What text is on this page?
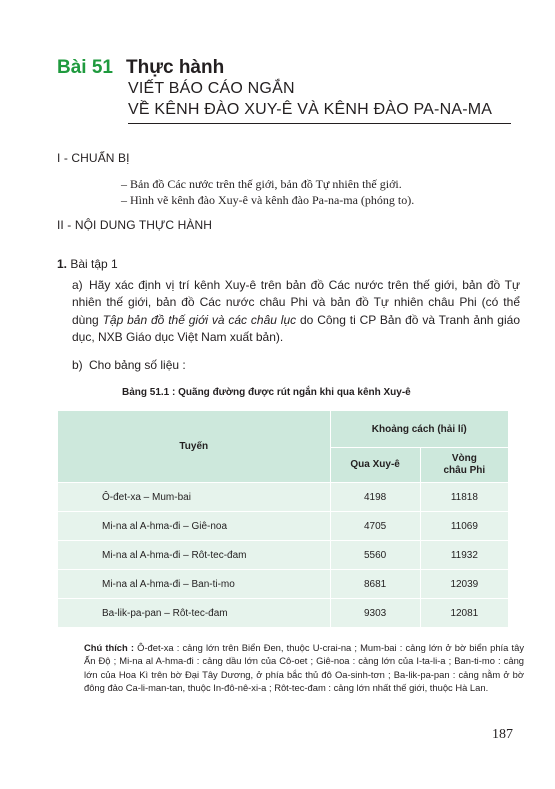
Bài 51 Thực hành
VIẾT BÁO CÁO NGẮN
VỀ KÊNH ĐÀO XUY-Ê VÀ KÊNH ĐÀO PA-NA-MA
I - CHUẨN BỊ
– Bản đồ Các nước trên thế giới, bản đồ Tự nhiên thế giới.
– Hình vẽ kênh đào Xuy-ê và kênh đào Pa-na-ma (phóng to).
II - NỘI DUNG THỰC HÀNH
1. Bài tập 1
a) Hãy xác định vị trí kênh Xuy-ê trên bản đồ Các nước trên thế giới, bản đồ Tự nhiên thế giới, bản đồ Các nước châu Phi và bản đồ Tự nhiên châu Phi (có thể dùng Tập bản đồ thế giới và các châu lục do Công ti CP Bản đồ và Tranh ảnh giáo dục, NXB Giáo dục Việt Nam xuất bản).
b) Cho bảng số liệu :
Bảng 51.1 : Quãng đường được rút ngắn khi qua kênh Xuy-ê
Tuyến	Khoảng cách (hải lí)	
	Qua Xuy-ê	Vòng
châu Phi
Ô-đet-xa – Mum-bai	4198	11818
Mi-na al A-hma-đi – Giê-noa	4705	11069
Mi-na al A-hma-đi – Rôt-tec-đam	5560	11932
Mi-na al A-hma-đi – Ban-ti-mo	8681	12039
Ba-lik-pa-pan – Rôt-tec-đam	9303	12081
Chú thích : Ô-đet-xa : cảng lớn trên Biển Đen, thuộc U-crai-na ; Mum-bai : cảng lớn ở bờ biển phía tây Ấn Độ ; Mi-na al A-hma-đi : cảng dầu lớn của Cô-oet ; Giê-noa : cảng lớn của I-ta-li-a ; Ban-ti-mo : cảng lớn của Hoa Kì trên bờ Đại Tây Dương, ở phía bắc thủ đô Oa-sinh-tơn ; Ba-lik-pa-pan : cảng nằm ở bờ đông đảo Ca-li-man-tan, thuộc In-đô-nê-xi-a ; Rôt-tec-đam : cảng lớn nhất thế giới, thuộc Hà Lan.
187
